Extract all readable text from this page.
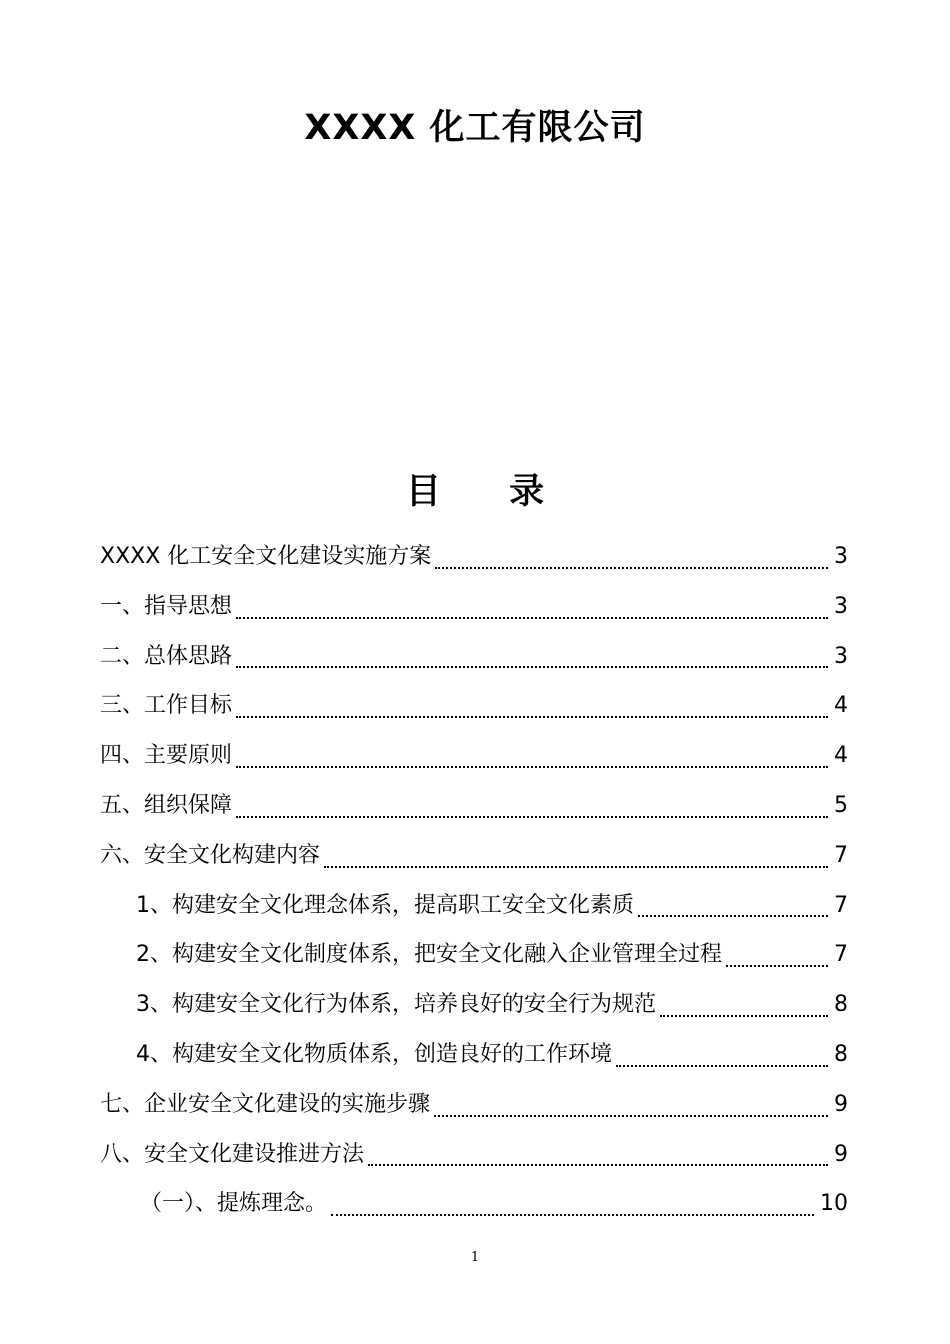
XXXX 化工有限公司
目 录
XXXX 化工安全文化建设实施方案	3
一、指导思想	3
二、总体思路	3
三、工作目标	4
四、主要原则	4
五、组织保障	5
六、安全文化构建内容	7
1、构建安全文化理念体系，提高职工安全文化素质	7
2、构建安全文化制度体系，把安全文化融入企业管理全过程	7
3、构建安全文化行为体系，培养良好的安全行为规范	8
4、构建安全文化物质体系，创造良好的工作环境	8
七、企业安全文化建设的实施步骤	9
八、安全文化建设推进方法	9
（一）、提炼理念。	10
1
